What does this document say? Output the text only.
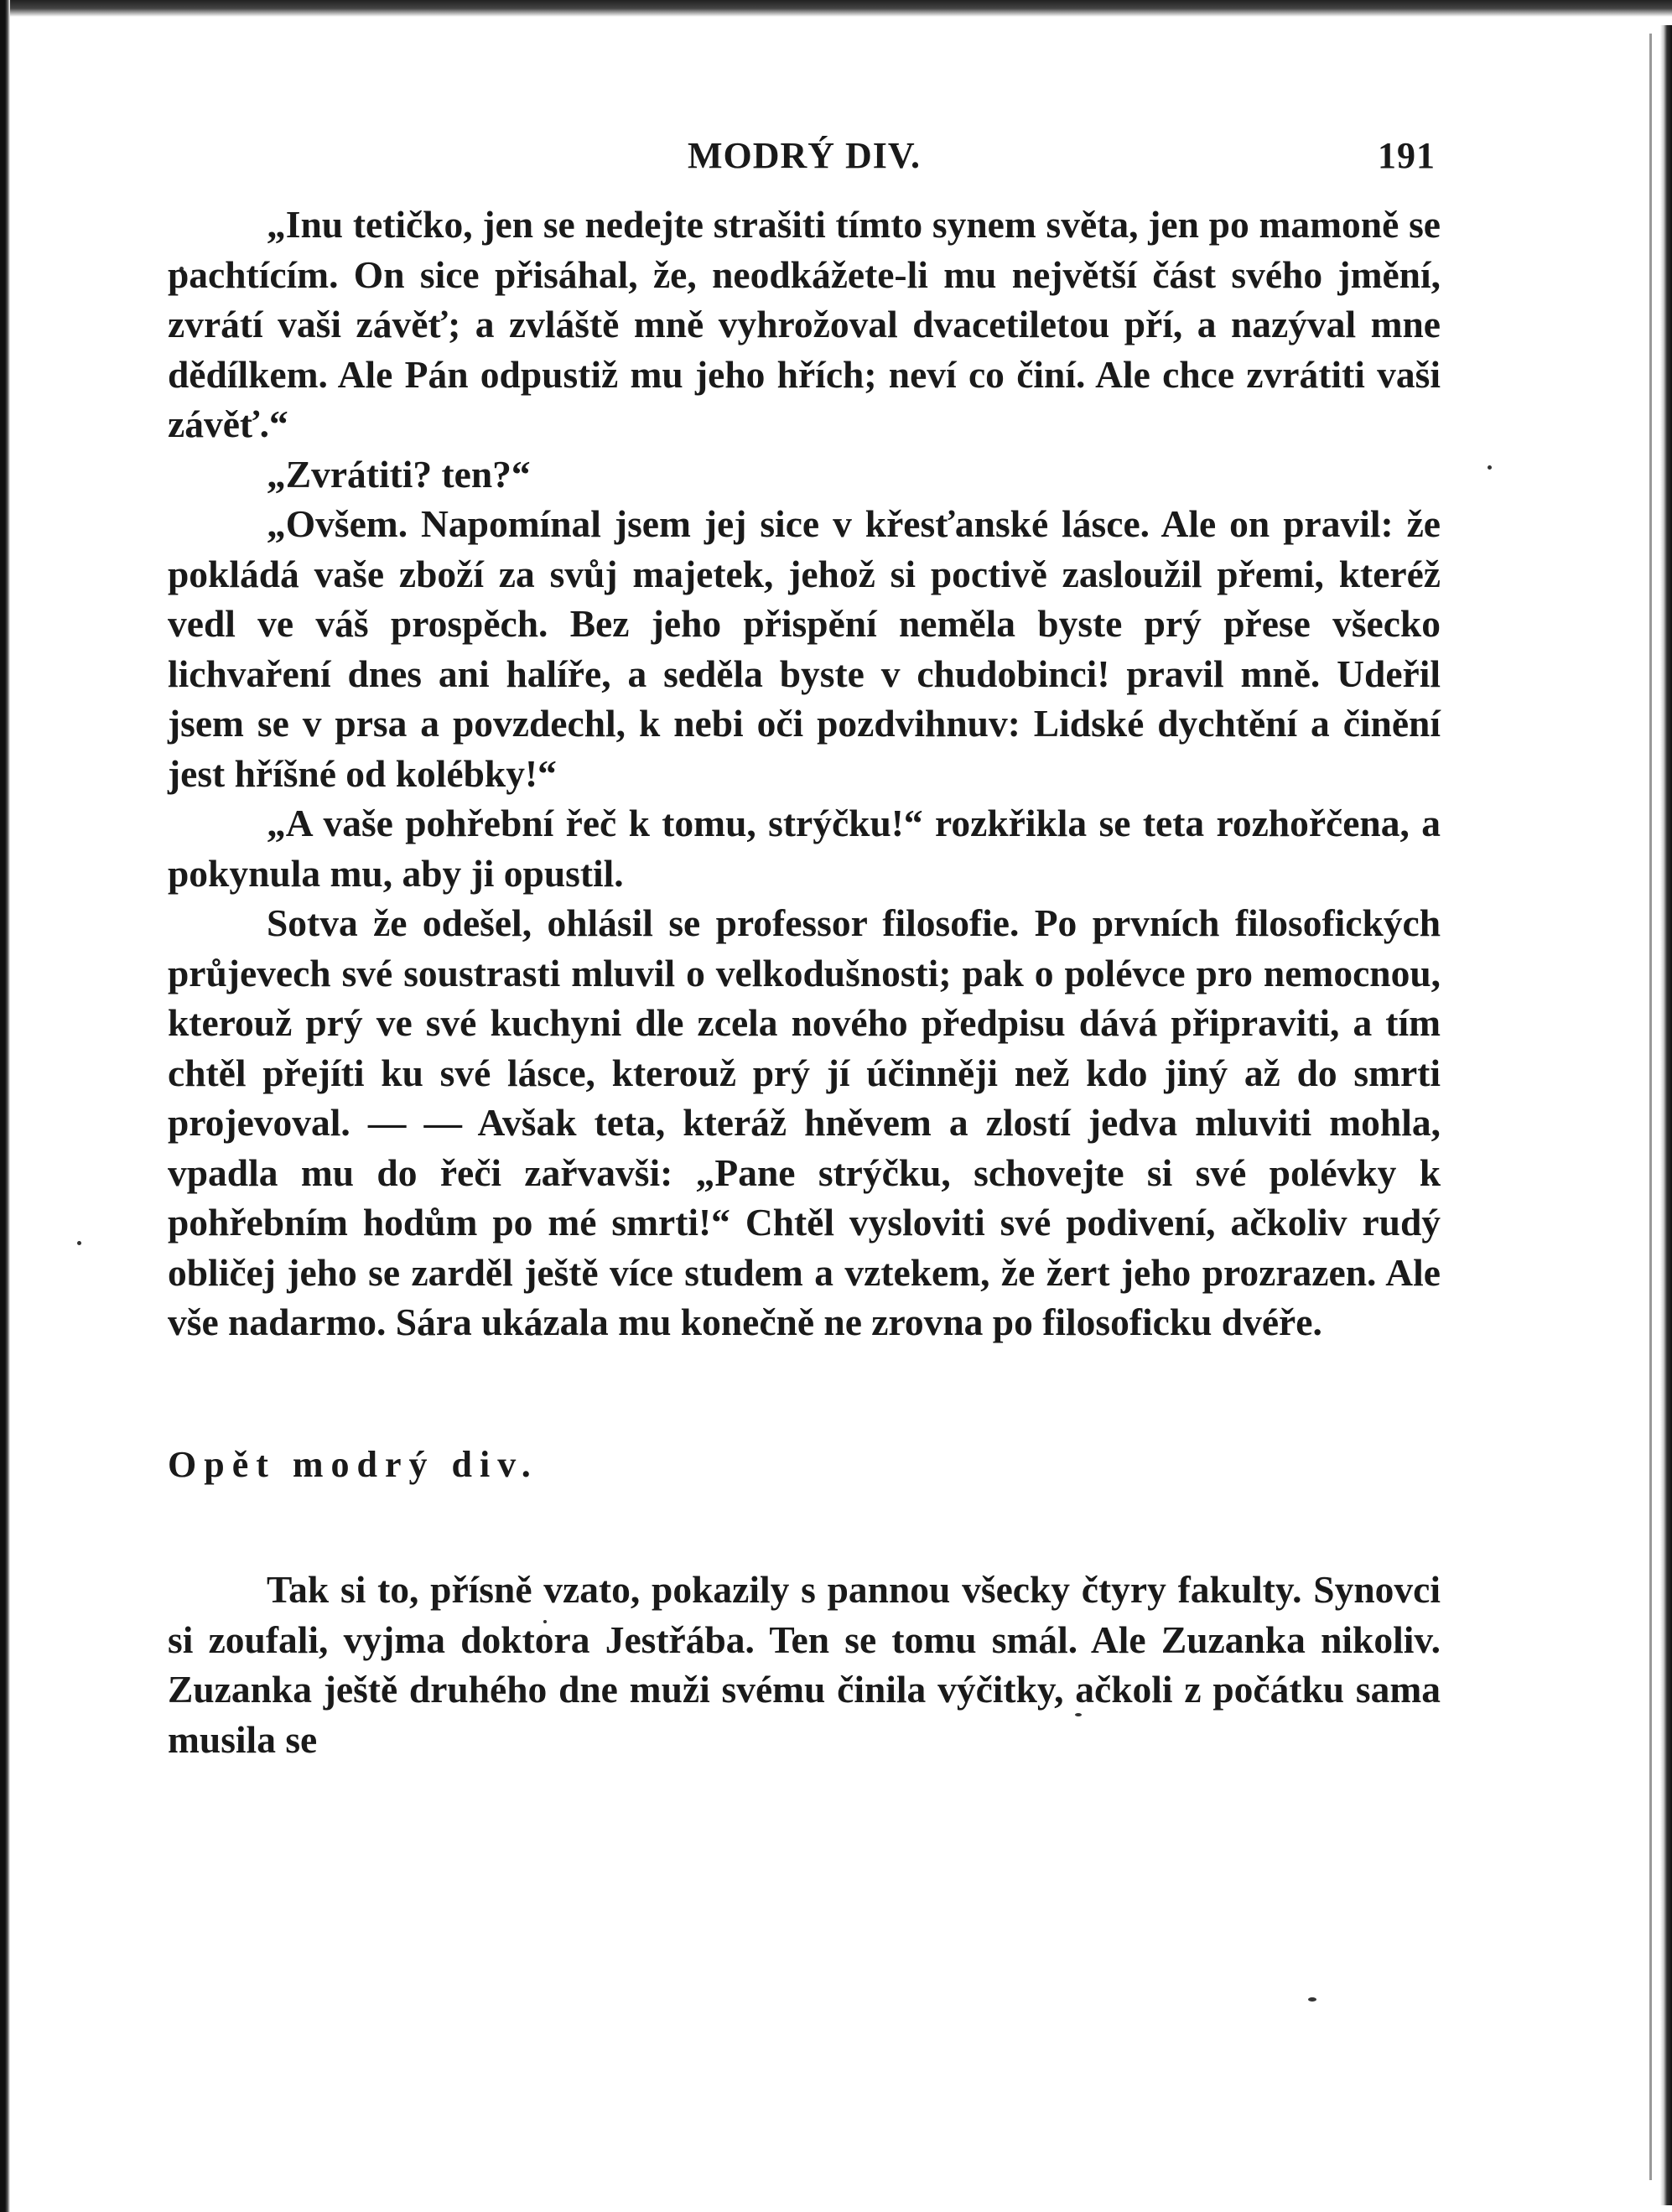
MODRÝ DIV.	191

„Inu tetičko, jen se nedejte strašiti tímto synem světa, jen po mamoně se pachtícím. On sice přisáhal, že, neodkážete-li mu největší část svého jmění, zvrátí vaši závěť; a zvláště mně vyhrožoval dvacetiletou pří, a nazýval mne dědílkem. Ale Pán odpustiž mu jeho hřích; neví co činí. Ale chce zvrátiti vaši závěť.“

„Zvrátiti? ten?“

„Ovšem. Napomínal jsem jej sice v křesťanské lásce. Ale on pravil: že pokládá vaše zboží za svůj majetek, jehož si poctivě zasloužil přemi, kteréž vedl ve váš prospěch. Bez jeho přispění neměla byste prý přese všecko lichvaření dnes ani halíře, a seděla byste v chudobinci! pravil mně. Udeřil jsem se v prsa a povzdechl, k nebi oči pozdvihnuv: Lidské dychtění a činění jest hříšné od kolébky!“

„A vaše pohřební řeč k tomu, strýčku!“ rozkřikla se teta rozhořčena, a pokynula mu, aby ji opustil.

Sotva že odešel, ohlásil se professor filosofie. Po prvních filosofických průjevech své soustrasti mluvil o velkodušnosti; pak o polévce pro nemocnou, kterouž prý ve své kuchyni dle zcela nového předpisu dává připraviti, a tím chtěl přejíti ku své lásce, kterouž prý jí účinněji než kdo jiný až do smrti projevoval. — — Avšak teta, kteráž hněvem a zlostí jedva mluviti mohla, vpadla mu do řeči zařvavši: „Pane strýčku, schovejte si své polévky k pohřebním hodům po mé smrti!“ Chtěl vysloviti své podivení, ačkoliv rudý obličej jeho se zarděl ještě více studem a vztekem, že žert jeho prozrazen. Ale vše nadarmo. Sára ukázala mu konečně ne zrovna po filosoficku dvéře.

Opět modrý div.

Tak si to, přísně vzato, pokazily s pannou všecky čtyry fakulty. Synovci si zoufali, vyjma doktora Jestřába. Ten se tomu smál. Ale Zuzanka nikoliv. Zuzanka ještě druhého dne muži svému činila výčitky, ačkoli z počátku sama musila se
